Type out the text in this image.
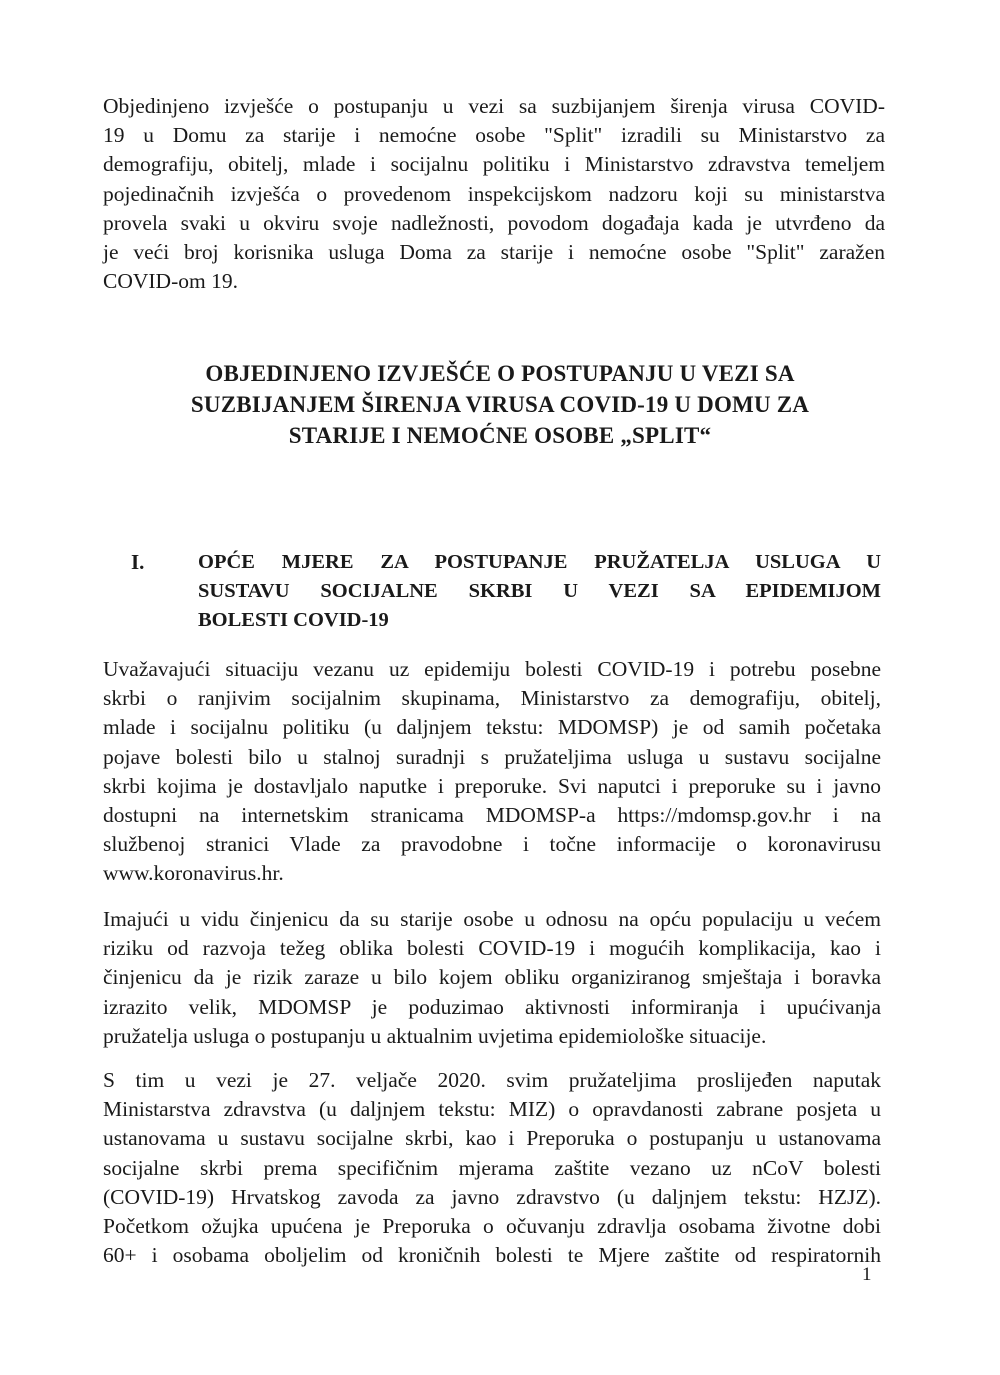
Objedinjeno izvješće o postupanju u vezi sa suzbijanjem širenja virusa COVID-
19 u Domu za starije i nemoćne osobe "Split" izradili su Ministarstvo za
demografiju, obitelj, mlade i socijalnu politiku i Ministarstvo zdravstva temeljem
pojedinačnih izvješća o provedenom inspekcijskom nadzoru koji su ministarstva
provela svaki u okviru svoje nadležnosti, povodom događaja kada je utvrđeno da
je veći broj korisnika usluga Doma za starije i nemoćne osobe "Split" zaražen
COVID-om 19.
OBJEDINJENO IZVJEŠĆE O POSTUPANJU U VEZI SA
SUZBIJANJEM ŠIRENJA VIRUSA COVID-19 U DOMU ZA
STARIJE I NEMOĆNE OSOBE „SPLIT“
I.	OPĆE MJERE ZA POSTUPANJE PRUŽATELJA USLUGA U
SUSTAVU SOCIJALNE SKRBI U VEZI SA EPIDEMIJOM
BOLESTI COVID-19
Uvažavajući situaciju vezanu uz epidemiju bolesti COVID-19 i potrebu posebne
skrbi o ranjivim socijalnim skupinama, Ministarstvo za demografiju, obitelj,
mlade i socijalnu politiku (u daljnjem tekstu: MDOMSP) je od samih početaka
pojave bolesti bilo u stalnoj suradnji s pružateljima usluga u sustavu socijalne
skrbi kojima je dostavljalo naputke i preporuke. Svi naputci i preporuke su i javno
dostupni na internetskim stranicama MDOMSP-a https://mdomsp.gov.hr i na
službenoj stranici Vlade za pravodobne i točne informacije o koronavirusu
www.koronavirus.hr.
Imajući u vidu činjenicu da su starije osobe u odnosu na opću populaciju u većem
riziku od razvoja težeg oblika bolesti COVID-19 i mogućih komplikacija, kao i
činjenicu da je rizik zaraze u bilo kojem obliku organiziranog smještaja i boravka
izrazito velik, MDOMSP je poduzimao aktivnosti informiranja i upućivanja
pružatelja usluga o postupanju u aktualnim uvjetima epidemiološke situacije.
S tim u vezi je 27. veljače 2020. svim pružateljima proslijeđen naputak
Ministarstva zdravstva (u daljnjem tekstu: MIZ) o opravdanosti zabrane posjeta u
ustanovama u sustavu socijalne skrbi, kao i Preporuka o postupanju u ustanovama
socijalne skrbi prema specifičnim mjerama zaštite vezano uz nCoV bolesti
(COVID-19) Hrvatskog zavoda za javno zdravstvo (u daljnjem tekstu: HZJZ).
Početkom ožujka upućena je Preporuka o očuvanju zdravlja osobama životne dobi
60+ i osobama oboljelim od kroničnih bolesti te Mjere zaštite od respiratornih
1
